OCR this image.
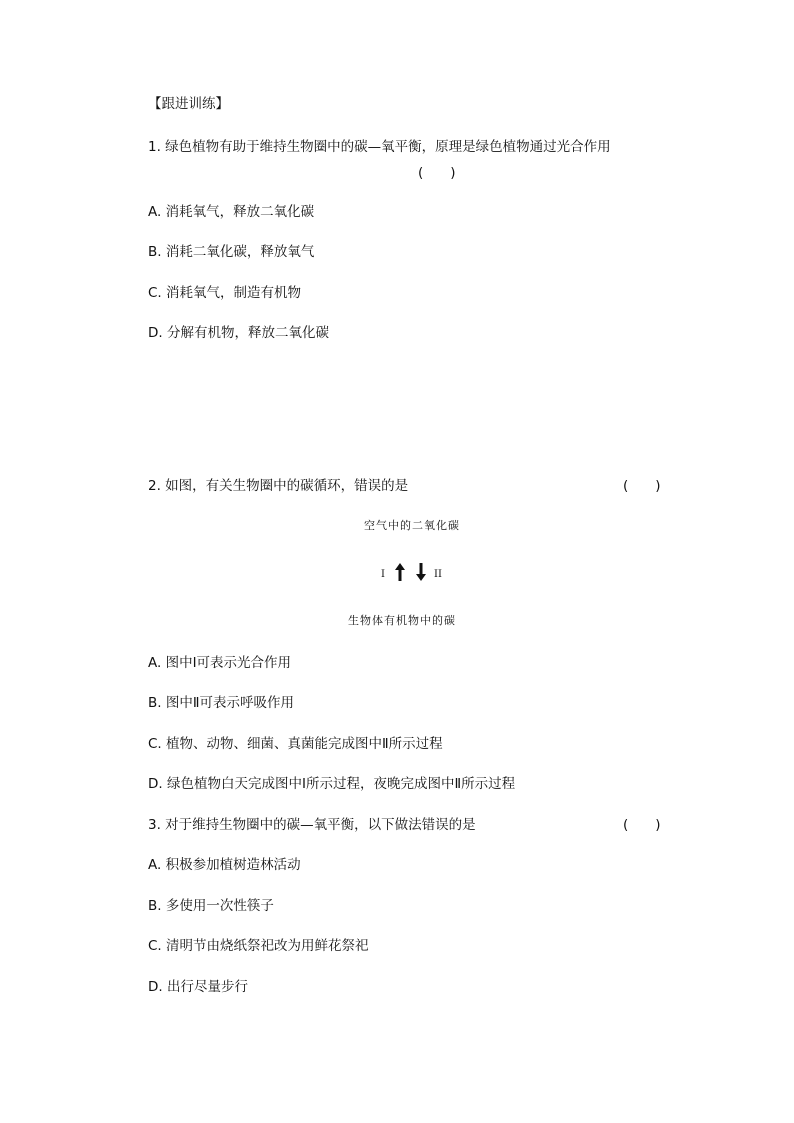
【跟进训练】
1. 绿色植物有助于维持生物圈中的碳—氧平衡，原理是绿色植物通过光合作用
(　　)
A. 消耗氧气，释放二氧化碳
B. 消耗二氧化碳，释放氧气
C. 消耗氧气，制造有机物
D. 分解有机物，释放二氧化碳
2. 如图，有关生物圈中的碳循环，错误的是	(　　)
空气中的二氧化碳
I	II
生物体有机物中的碳
A. 图中Ⅰ可表示光合作用
B. 图中Ⅱ可表示呼吸作用
C. 植物、动物、细菌、真菌能完成图中Ⅱ所示过程
D. 绿色植物白天完成图中Ⅰ所示过程，夜晚完成图中Ⅱ所示过程
3. 对于维持生物圈中的碳—氧平衡，以下做法错误的是	(　　)
A. 积极参加植树造林活动
B. 多使用一次性筷子
C. 清明节由烧纸祭祀改为用鲜花祭祀
D. 出行尽量步行
